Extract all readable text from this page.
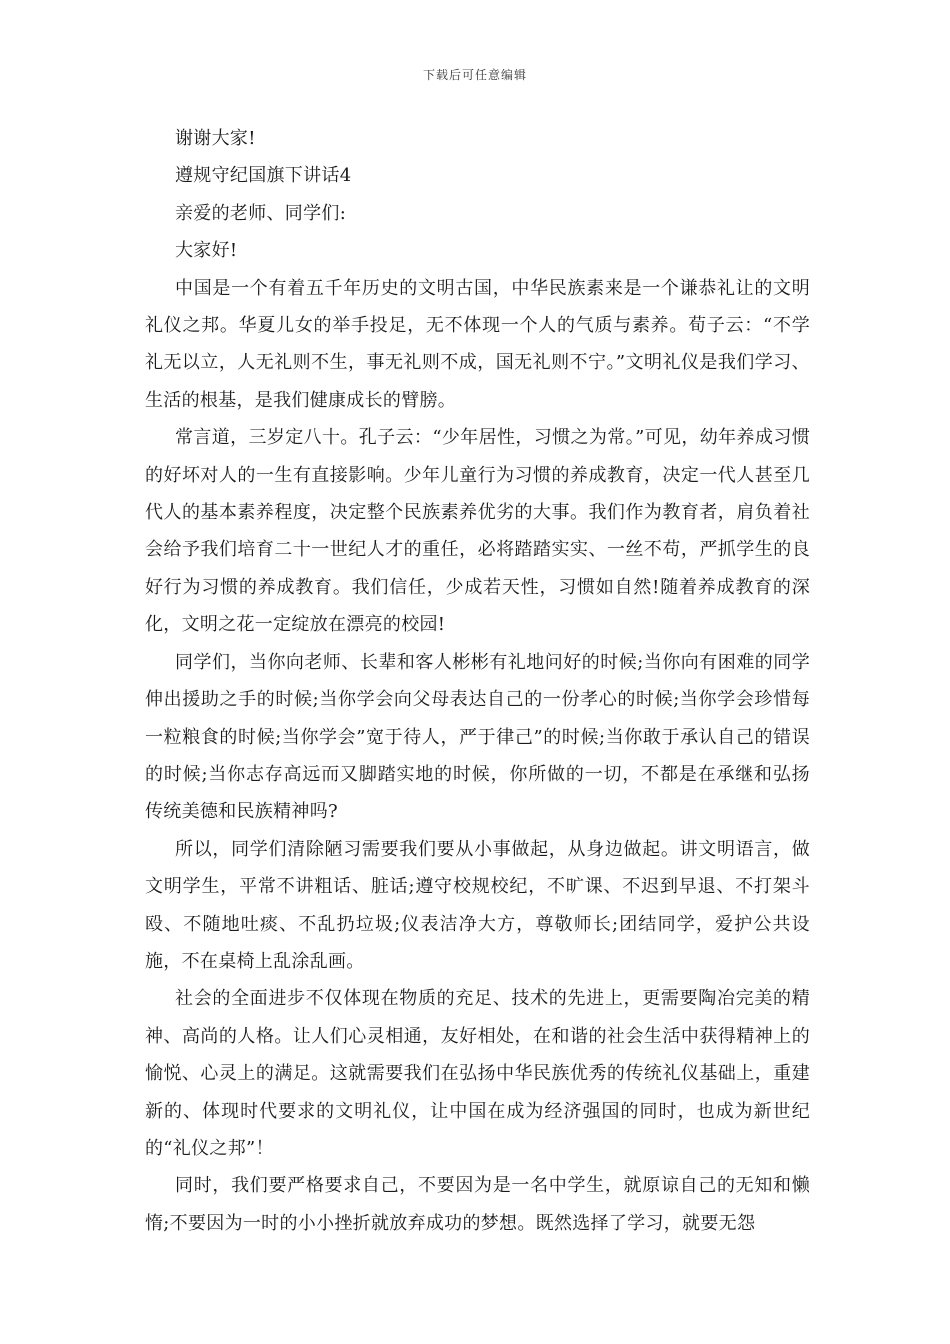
下载后可任意编辑

谢谢大家!

遵规守纪国旗下讲话4

亲爱的老师、同学们:

大家好!

中国是一个有着五千年历史的文明古国，中华民族素来是一个谦恭礼让的文明礼仪之邦。华夏儿女的举手投足，无不体现一个人的气质与素养。荀子云：“不学礼无以立，人无礼则不生，事无礼则不成，国无礼则不宁。”文明礼仪是我们学习、生活的根基，是我们健康成长的臂膀。

常言道，三岁定八十。孔子云：“少年居性，习惯之为常。”可见，幼年养成习惯的好坏对人的一生有直接影响。少年儿童行为习惯的养成教育，决定一代人甚至几代人的基本素养程度，决定整个民族素养优劣的大事。我们作为教育者，肩负着社会给予我们培育二十一世纪人才的重任，必将踏踏实实、一丝不苟，严抓学生的良好行为习惯的养成教育。我们信任，少成若天性，习惯如自然!随着养成教育的深化，文明之花一定绽放在漂亮的校园!

同学们，当你向老师、长辈和客人彬彬有礼地问好的时候;当你向有困难的同学伸出援助之手的时候;当你学会向父母表达自己的一份孝心的时候;当你学会珍惜每一粒粮食的时候;当你学会”宽于待人，严于律己”的时候;当你敢于承认自己的错误的时候;当你志存高远而又脚踏实地的时候，你所做的一切，不都是在承继和弘扬传统美德和民族精神吗?

所以，同学们清除陋习需要我们要从小事做起，从身边做起。讲文明语言，做文明学生，平常不讲粗话、脏话;遵守校规校纪，不旷课、不迟到早退、不打架斗殴、不随地吐痰、不乱扔垃圾;仪表洁净大方，尊敬师长;团结同学，爱护公共设施，不在桌椅上乱涂乱画。

社会的全面进步不仅体现在物质的充足、技术的先进上，更需要陶冶完美的精神、高尚的人格。让人们心灵相通，友好相处，在和谐的社会生活中获得精神上的愉悦、心灵上的满足。这就需要我们在弘扬中华民族优秀的传统礼仪基础上，重建新的、体现时代要求的文明礼仪，让中国在成为经济强国的同时，也成为新世纪的“礼仪之邦”！

同时，我们要严格要求自己，不要因为是一名中学生，就原谅自己的无知和懒惰;不要因为一时的小小挫折就放弃成功的梦想。既然选择了学习，就要无怨
